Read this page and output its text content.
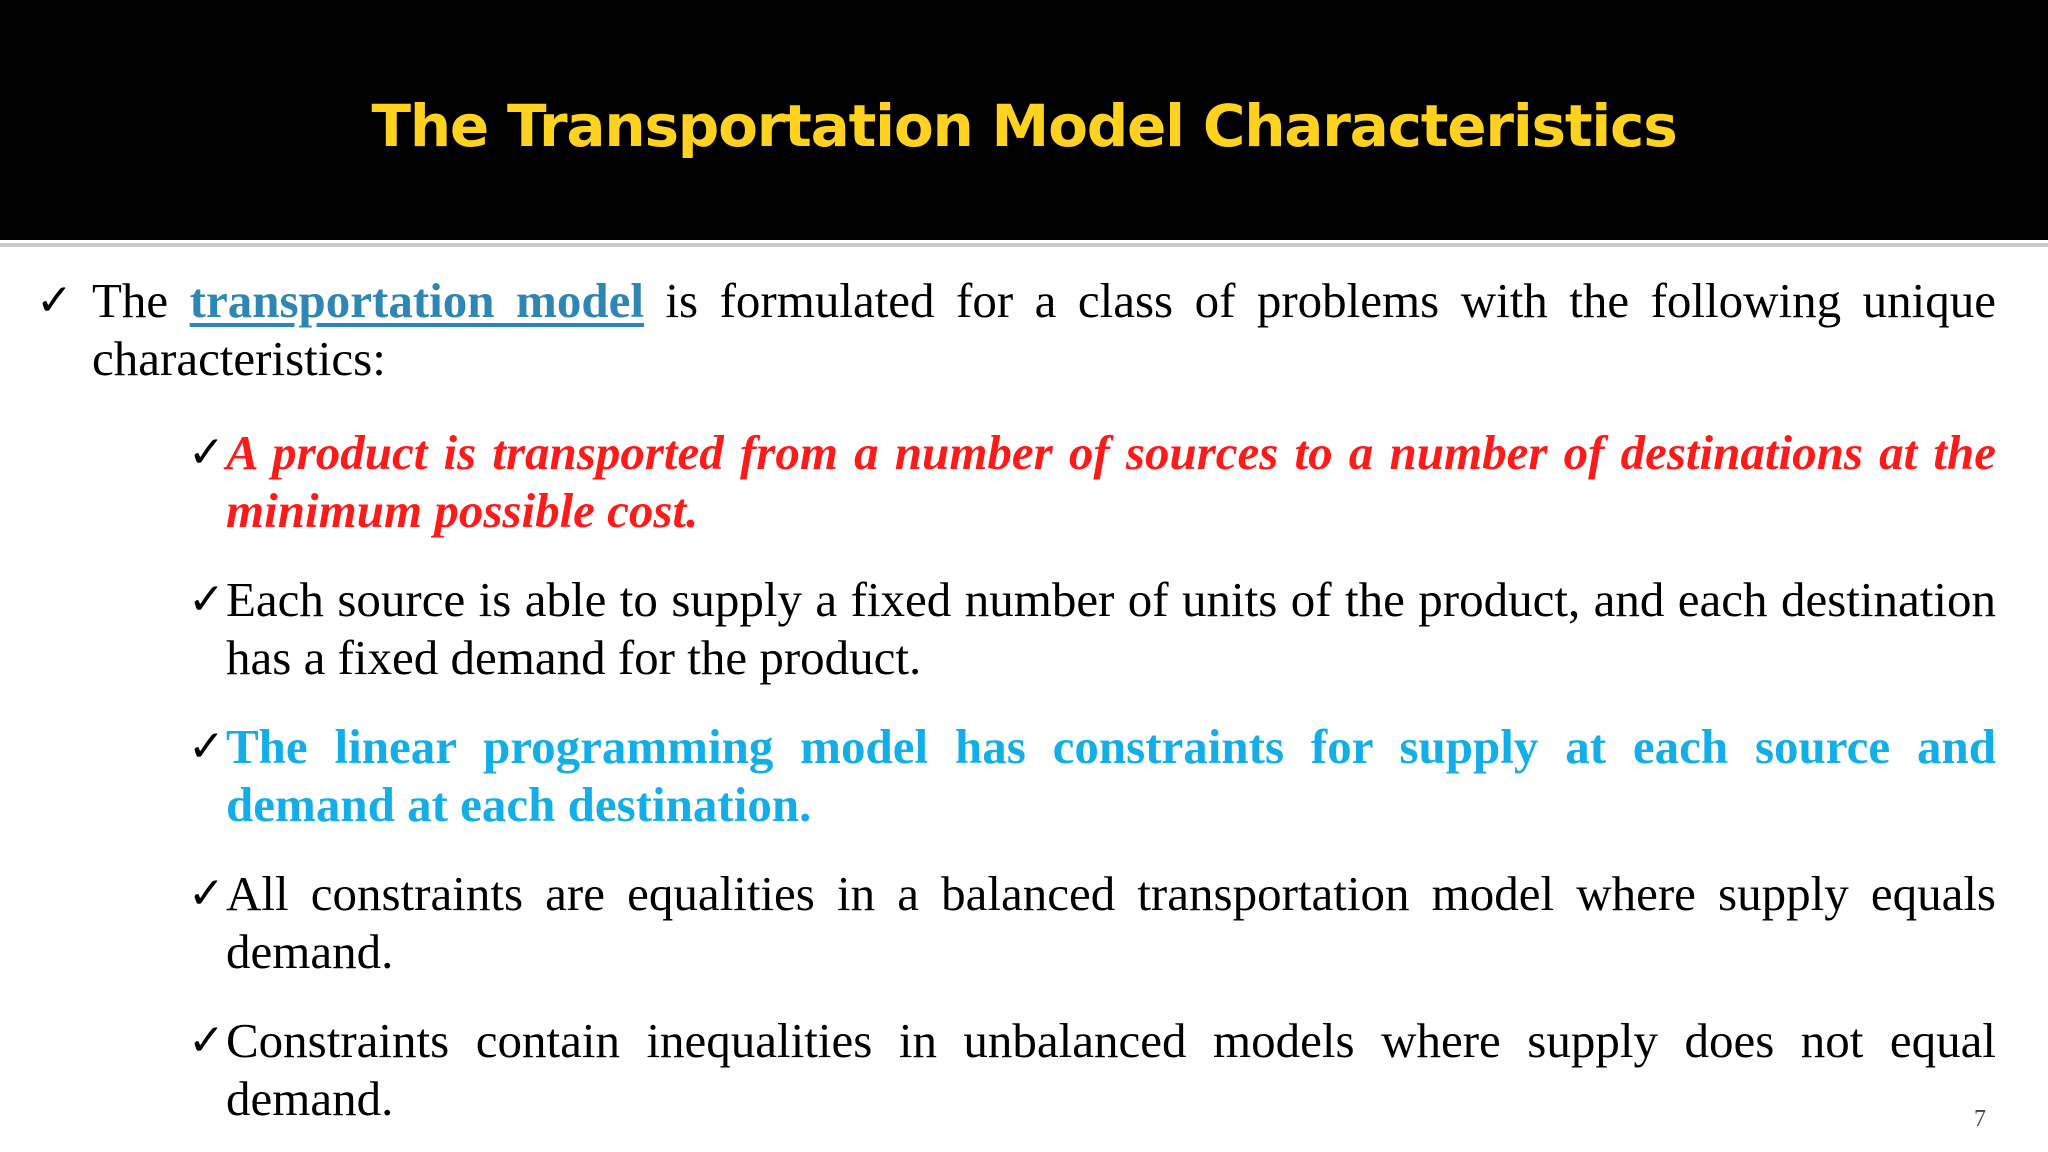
The Transportation Model Characteristics
✓ The transportation model is formulated for a class of problems with the following unique characteristics:
✓ A product is transported from a number of sources to a number of destinations at the minimum possible cost.
✓ Each source is able to supply a fixed number of units of the product, and each destination has a fixed demand for the product.
✓ The linear programming model has constraints for supply at each source and demand at each destination.
✓ All constraints are equalities in a balanced transportation model where supply equals demand.
✓ Constraints contain inequalities in unbalanced models where supply does not equal demand.	7
